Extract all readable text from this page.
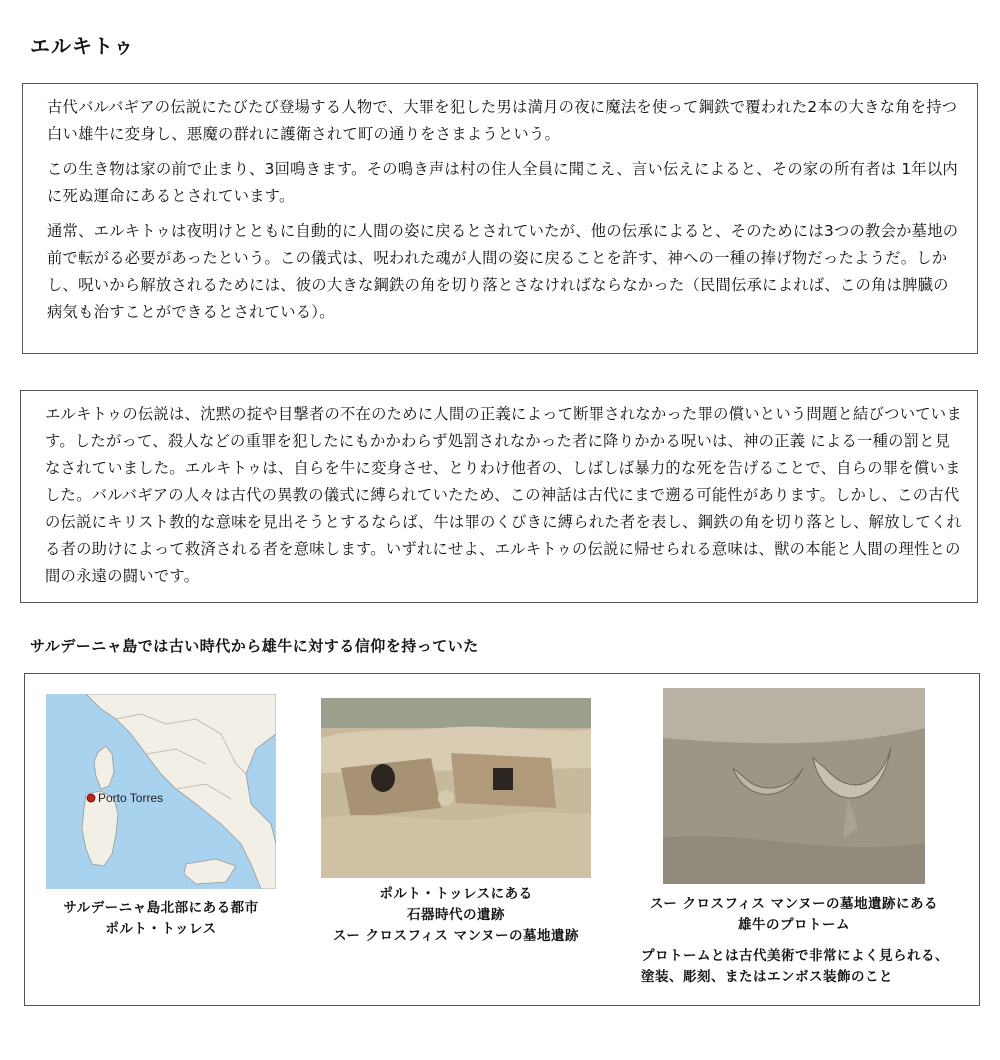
エルキトゥ

古代バルバギアの伝説にたびたび登場する人物で、大罪を犯した男は満月の夜に魔法を使って鋼鉄で覆われた2本の大きな角を持つ白い雄牛に変身し、悪魔の群れに護衛されて町の通りをさまようという。

この生き物は家の前で止まり、3回鳴きます。その鳴き声は村の住人全員に聞こえ、言い伝えによると、その家の所有者は 1年以内に死ぬ運命にあるとされています。

通常、エルキトゥは夜明けとともに自動的に人間の姿に戻るとされていたが、他の伝承によると、そのためには3つの教会か墓地の前で転がる必要があったという。この儀式は、呪われた魂が人間の姿に戻ることを許す、神への一種の捧げ物だったようだ。しかし、呪いから解放されるためには、彼の大きな鋼鉄の角を切り落とさなければならなかった（民間伝承によれば、この角は脾臓の病気も治すことができるとされている）。

エルキトゥの伝説は、沈黙の掟や目撃者の不在のために人間の正義によって断罪されなかった罪の償いという問題と結びついています。したがって、殺人などの重罪を犯したにもかかわらず処罰されなかった者に降りかかる呪いは、神の正義 による一種の罰と見なされていました。エルキトゥは、自らを牛に変身させ、とりわけ他者の、しばしば暴力的な死を告げることで、自らの罪を償いました。バルバギアの人々は古代の異教の儀式に縛られていたため、この神話は古代にまで遡る可能性があります。しかし、この古代の伝説にキリスト教的な意味を見出そうとするならば、牛は罪のくびきに縛られた者を表し、鋼鉄の角を切り落とし、解放してくれる者の助けによって救済される者を意味します。いずれにせよ、エルキトゥの伝説に帰せられる意味は、獣の本能と人間の理性との間の永遠の闘いです。

サルデーニャ島では古い時代から雄牛に対する信仰を持っていた
Porto Torres
サルデーニャ島北部にある都市
ポルト・トッレス
ポルト・トッレスにある
石器時代の遺跡
スー クロスフィス マンヌーの墓地遺跡
スー クロスフィス マンヌーの墓地遺跡にある
雄牛のプロトーム
プロトームとは古代美術で非常によく見られる、
塗装、彫刻、またはエンボス装飾のこと
